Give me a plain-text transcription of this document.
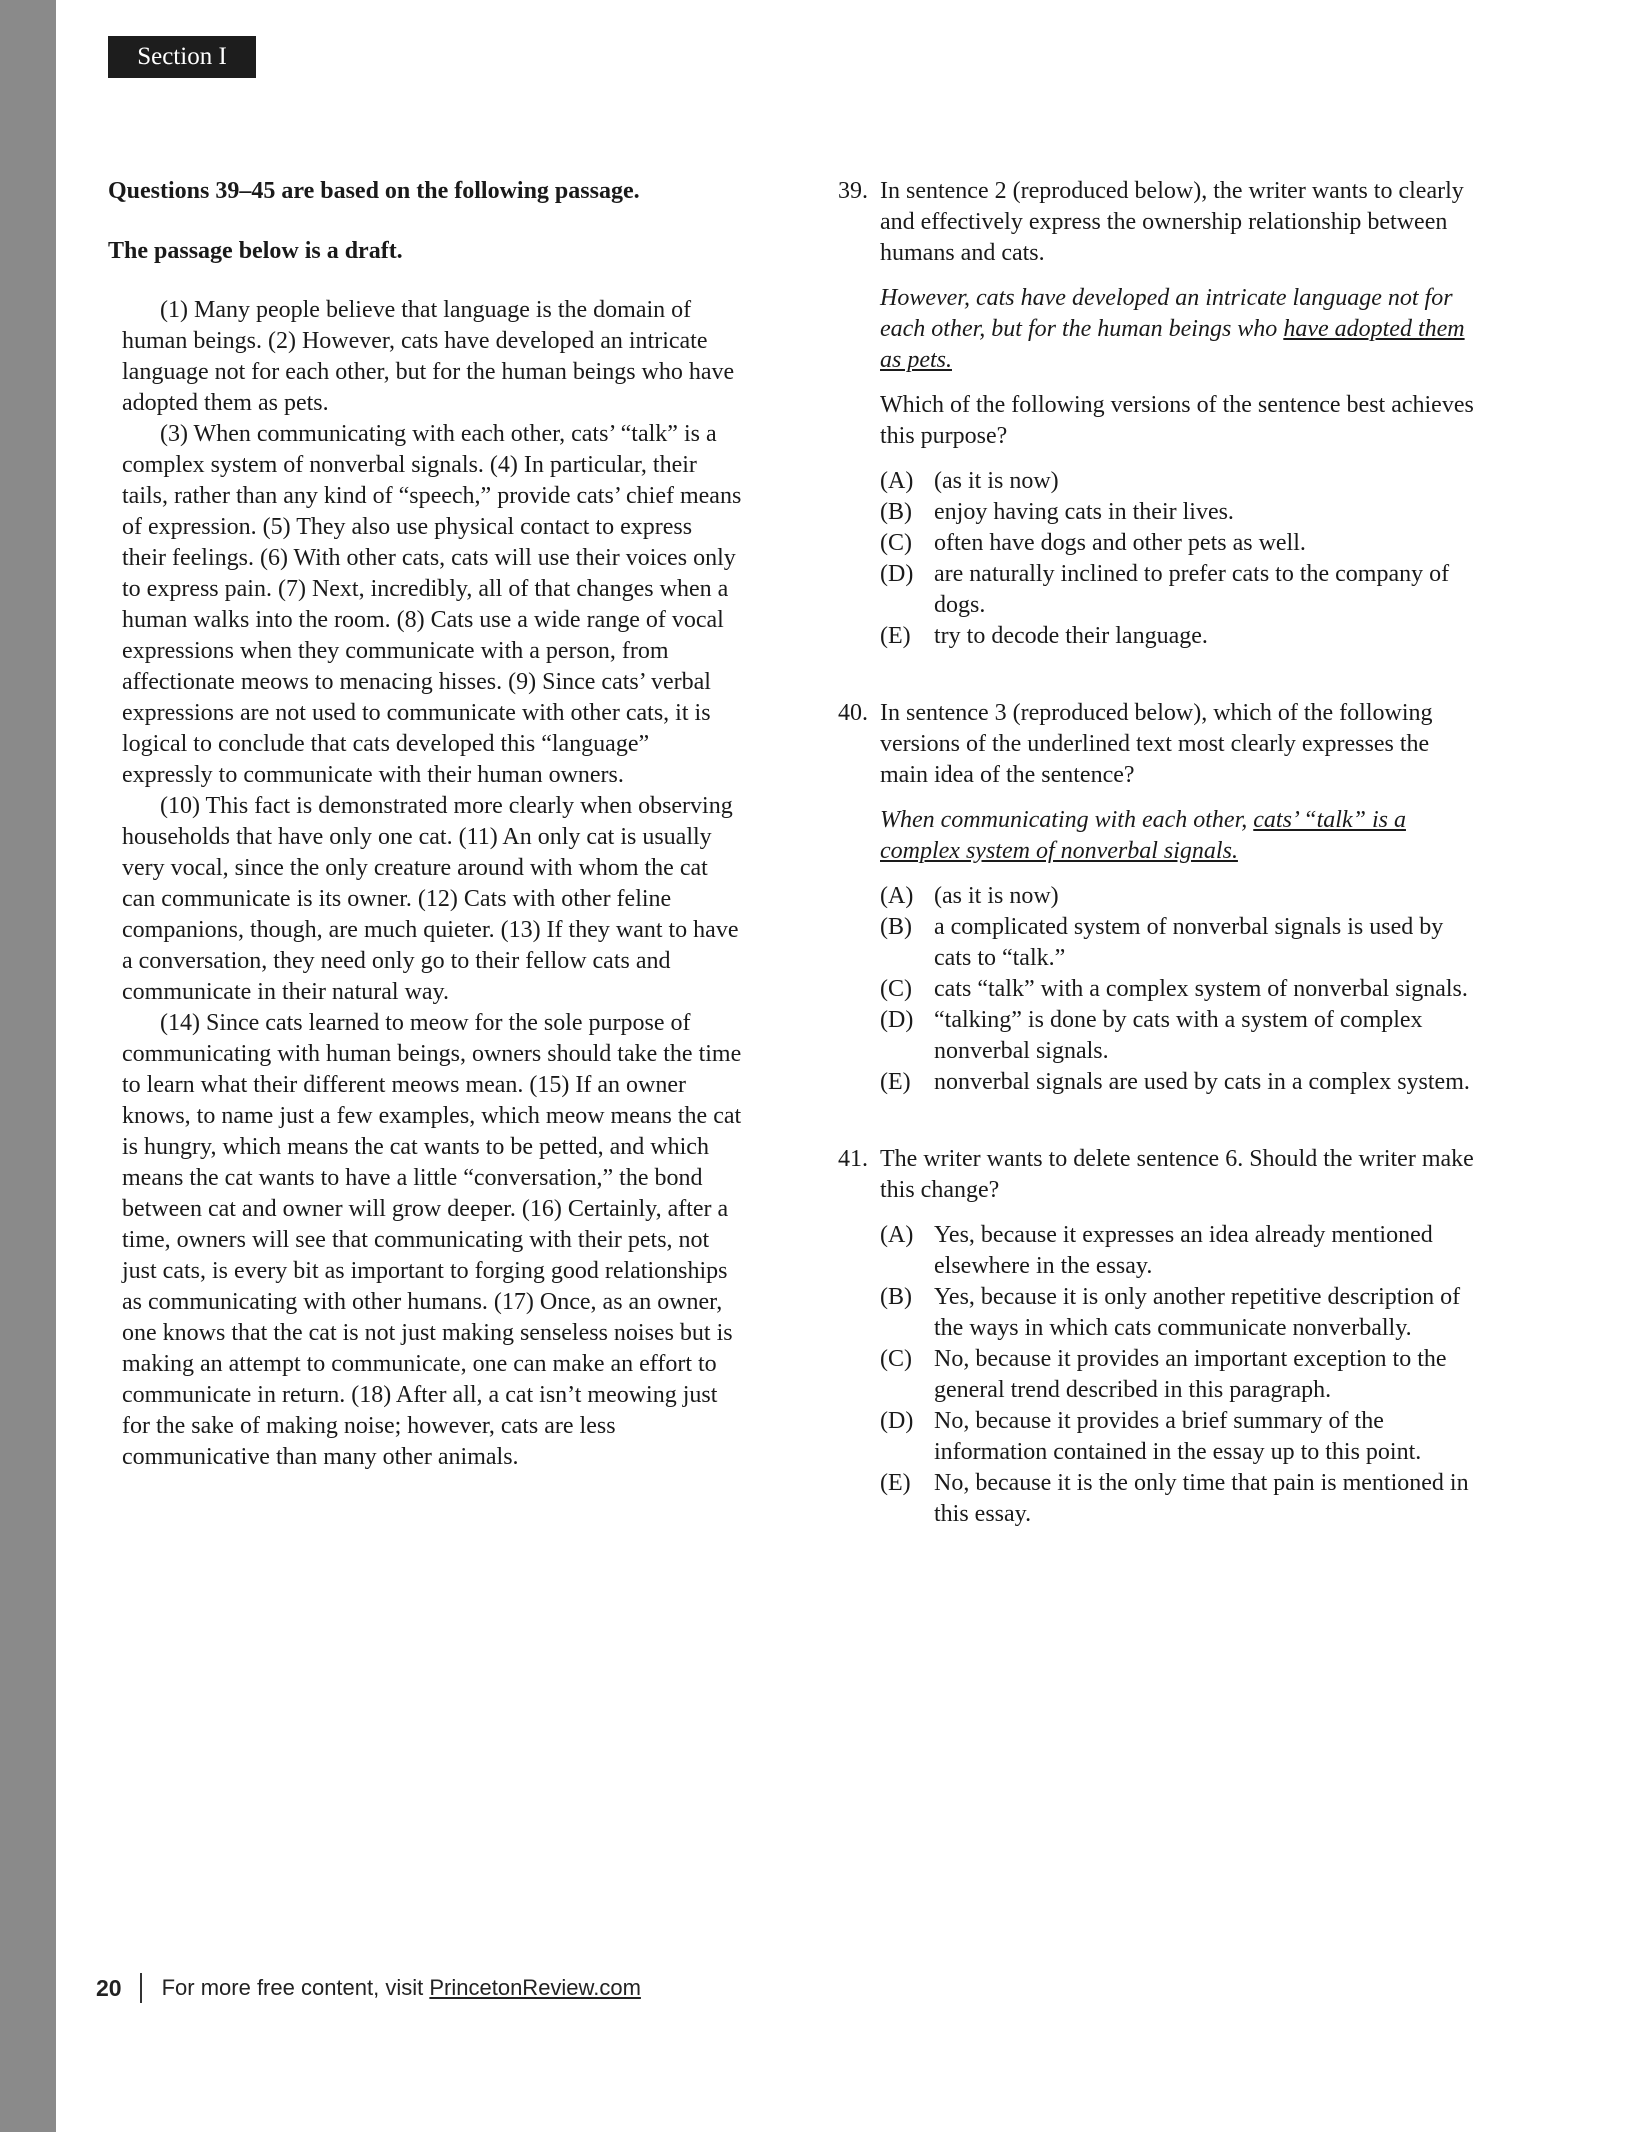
Section I

Questions 39–45 are based on the following passage.

The passage below is a draft.

(1) Many people believe that language is the domain of human beings. (2) However, cats have developed an intricate language not for each other, but for the human beings who have adopted them as pets.

(3) When communicating with each other, cats’ “talk” is a complex system of nonverbal signals. (4) In particular, their tails, rather than any kind of “speech,” provide cats’ chief means of expression. (5) They also use physical contact to express their feelings. (6) With other cats, cats will use their voices only to express pain. (7) Next, incredibly, all of that changes when a human walks into the room. (8) Cats use a wide range of vocal expressions when they communicate with a person, from affectionate meows to menacing hisses. (9) Since cats’ verbal expressions are not used to communicate with other cats, it is logical to conclude that cats developed this “language” expressly to communicate with their human owners.

(10) This fact is demonstrated more clearly when observing households that have only one cat. (11) An only cat is usually very vocal, since the only creature around with whom the cat can communicate is its owner. (12) Cats with other feline companions, though, are much quieter. (13) If they want to have a conversation, they need only go to their fellow cats and communicate in their natural way.

(14) Since cats learned to meow for the sole purpose of communicating with human beings, owners should take the time to learn what their different meows mean. (15) If an owner knows, to name just a few examples, which meow means the cat is hungry, which means the cat wants to be petted, and which means the cat wants to have a little “conversation,” the bond between cat and owner will grow deeper. (16) Certainly, after a time, owners will see that communicating with their pets, not just cats, is every bit as important to forging good relationships as communicating with other humans. (17) Once, as an owner, one knows that the cat is not just making senseless noises but is making an attempt to communicate, one can make an effort to communicate in return. (18) After all, a cat isn’t meowing just for the sake of making noise; however, cats are less communicative than many other animals.

39. In sentence 2 (reproduced below), the writer wants to clearly and effectively express the ownership relationship between humans and cats.

However, cats have developed an intricate language not for each other, but for the human beings who have adopted them as pets.

Which of the following versions of the sentence best achieves this purpose?

(A) (as it is now)
(B) enjoy having cats in their lives.
(C) often have dogs and other pets as well.
(D) are naturally inclined to prefer cats to the company of dogs.
(E) try to decode their language.
40. In sentence 3 (reproduced below), which of the following versions of the underlined text most clearly expresses the main idea of the sentence?

When communicating with each other, cats’ “talk” is a complex system of nonverbal signals.

(A) (as it is now)
(B) a complicated system of nonverbal signals is used by cats to “talk.”
(C) cats “talk” with a complex system of nonverbal signals.
(D) “talking” is done by cats with a system of complex nonverbal signals.
(E) nonverbal signals are used by cats in a complex system.
41. The writer wants to delete sentence 6. Should the writer make this change?

(A) Yes, because it expresses an idea already mentioned elsewhere in the essay.
(B) Yes, because it is only another repetitive description of the ways in which cats communicate nonverbally.
(C) No, because it provides an important exception to the general trend described in this paragraph.
(D) No, because it provides a brief summary of the information contained in the essay up to this point.
(E) No, because it is the only time that pain is mentioned in this essay.
20 For more free content, visit PrincetonReview.com
